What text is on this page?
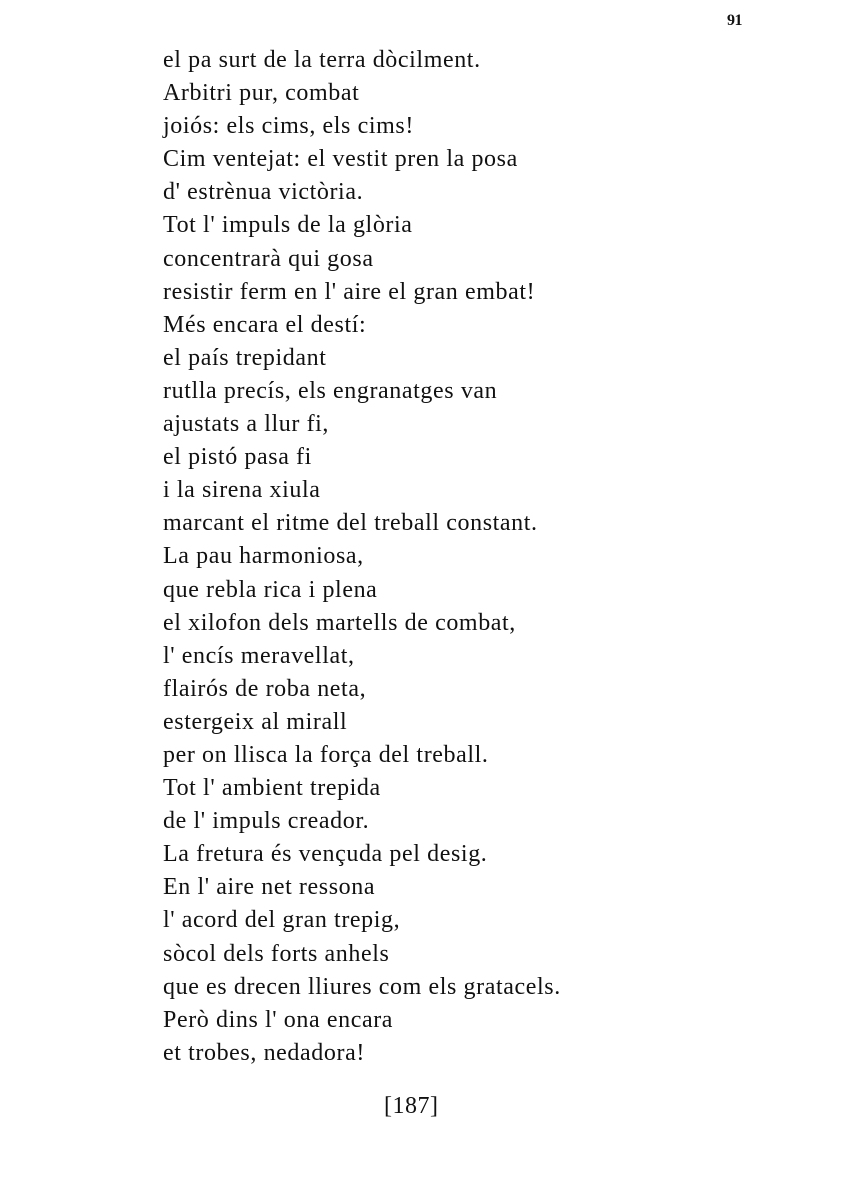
91
el pa surt de la terra dòcilment.
Arbitri pur, combat
joiós: els cims, els cims!
Cim ventejat: el vestit pren la posa
d' estrènua victòria.
Tot l' impuls de la glòria
concentrarà qui gosa
resistir ferm en l' aire el gran embat!
Més encara el destí:
el país trepidant
rutlla precís, els engranatges van
ajustats a llur fi,
el pistó pasa fi
i la sirena xiula
marcant el ritme del treball constant.
La pau harmoniosa,
que rebla rica i plena
el xilofon dels martells de combat,
l' encís meravellat,
flairós de roba neta,
estergeix al mirall
per on llisca la força del treball.
Tot l' ambient trepida
de l' impuls creador.
La fretura és vençuda pel desig.
En l' aire net ressona
l' acord del gran trepig,
sòcol dels forts anhels
que es drecen lliures com els gratacels.
Però dins l' ona encara
et trobes, nedadora!
[187]
